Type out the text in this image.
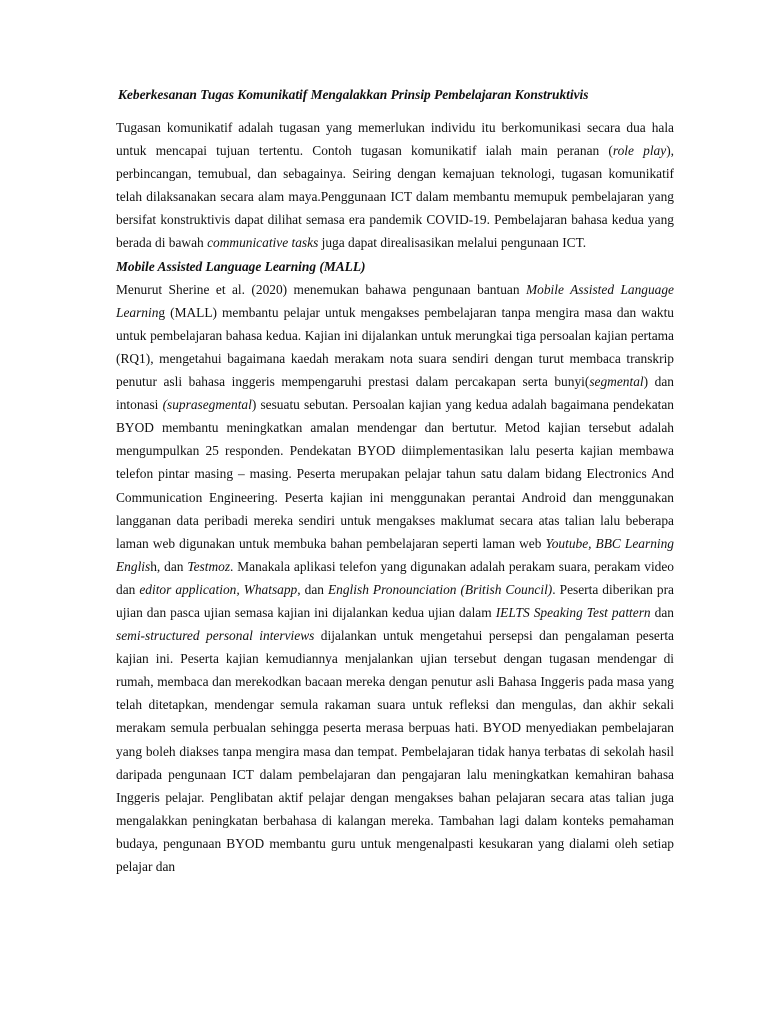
Keberkesanan Tugas Komunikatif Mengalakkan Prinsip Pembelajaran Konstruktivis

Tugasan komunikatif adalah tugasan yang memerlukan individu itu berkomunikasi secara dua hala untuk mencapai tujuan tertentu. Contoh tugasan komunikatif ialah main peranan (role play), perbincangan, temubual, dan sebagainya. Seiring dengan kemajuan teknologi, tugasan komunikatif telah dilaksanakan secara alam maya.Penggunaan ICT dalam membantu memupuk pembelajaran yang bersifat konstruktivis dapat dilihat semasa era pandemik COVID-19. Pembelajaran bahasa kedua yang berada di bawah communicative tasks juga dapat direalisasikan melalui pengunaan ICT.

Mobile Assisted Language Learning (MALL)

Menurut Sherine et al. (2020) menemukan bahawa pengunaan bantuan Mobile Assisted Language Learning (MALL) membantu pelajar untuk mengakses pembelajaran tanpa mengira masa dan waktu untuk pembelajaran bahasa kedua. Kajian ini dijalankan untuk merungkai tiga persoalan kajian pertama (RQ1), mengetahui bagaimana kaedah merakam nota suara sendiri dengan turut membaca transkrip penutur asli bahasa inggeris mempengaruhi prestasi dalam percakapan serta bunyi(segmental) dan intonasi (suprasegmental) sesuatu sebutan. Persoalan kajian yang kedua adalah bagaimana pendekatan BYOD membantu meningkatkan amalan mendengar dan bertutur. Metod kajian tersebut adalah mengumpulkan 25 responden. Pendekatan BYOD diimplementasikan lalu peserta kajian membawa telefon pintar masing – masing. Peserta merupakan pelajar tahun satu dalam bidang Electronics And Communication Engineering. Peserta kajian ini menggunakan perantai Android dan menggunakan langganan data peribadi mereka sendiri untuk mengakses maklumat secara atas talian lalu beberapa laman web digunakan untuk membuka bahan pembelajaran seperti laman web Youtube, BBC Learning English, dan Testmoz. Manakala aplikasi telefon yang digunakan adalah perakam suara, perakam video dan editor application, Whatsapp, dan English Pronounciation (British Council). Peserta diberikan pra ujian dan pasca ujian semasa kajian ini dijalankan kedua ujian dalam IELTS Speaking Test pattern dan semi-structured personal interviews dijalankan untuk mengetahui persepsi dan pengalaman peserta kajian ini. Peserta kajian kemudiannya menjalankan ujian tersebut dengan tugasan mendengar di rumah, membaca dan merekodkan bacaan mereka dengan penutur asli Bahasa Inggeris pada masa yang telah ditetapkan, mendengar semula rakaman suara untuk refleksi dan mengulas, dan akhir sekali merakam semula perbualan sehingga peserta merasa berpuas hati. BYOD menyediakan pembelajaran yang boleh diakses tanpa mengira masa dan tempat. Pembelajaran tidak hanya terbatas di sekolah hasil daripada pengunaan ICT dalam pembelajaran dan pengajaran lalu meningkatkan kemahiran bahasa Inggeris pelajar. Penglibatan aktif pelajar dengan mengakses bahan pelajaran secara atas talian juga mengalakkan peningkatan berbahasa di kalangan mereka. Tambahan lagi dalam konteks pemahaman budaya, pengunaan BYOD membantu guru untuk mengenalpasti kesukaran yang dialami oleh setiap pelajar dan
